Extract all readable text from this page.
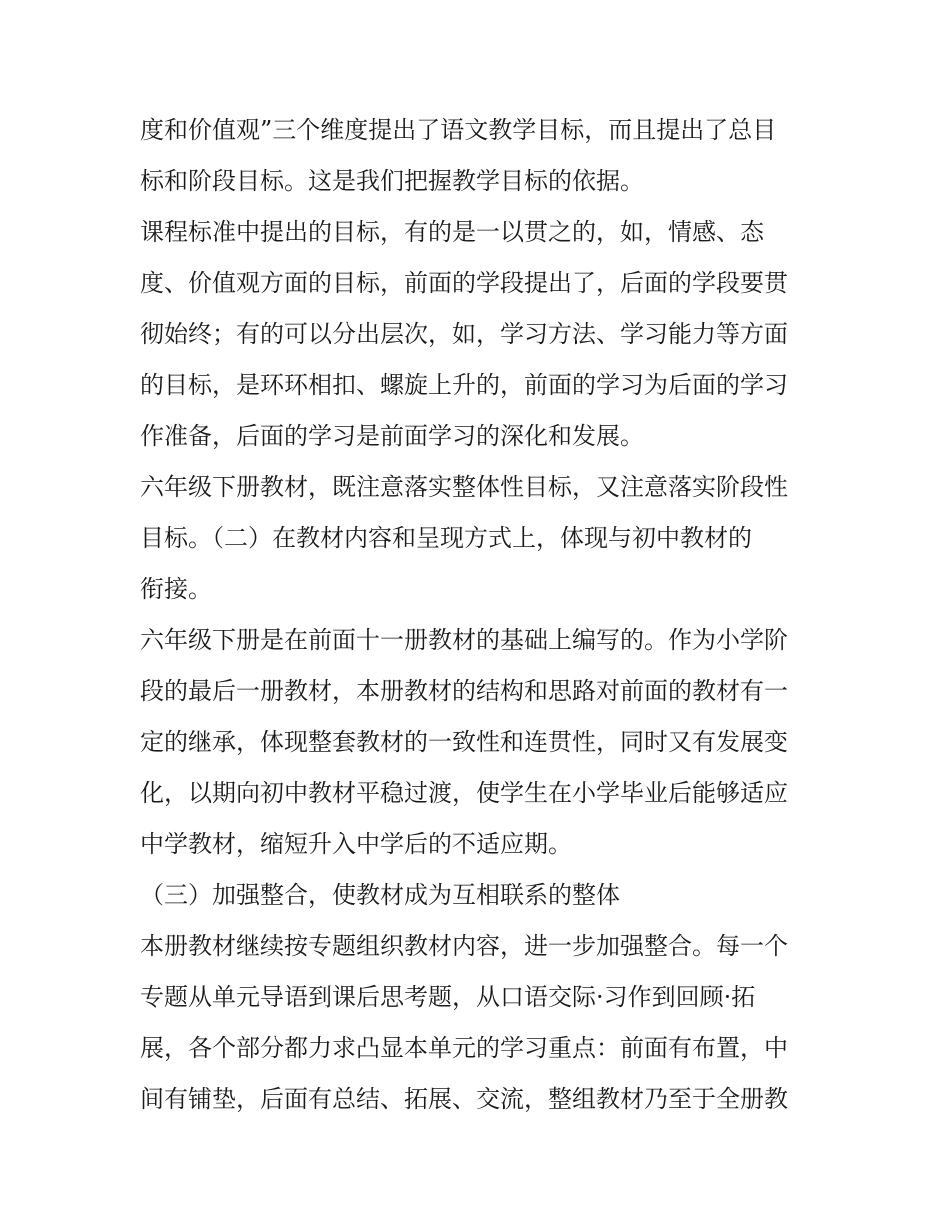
度和价值观”三个维度提出了语文教学目标，而且提出了总目
标和阶段目标。这是我们把握教学目标的依据。
课程标准中提出的目标，有的是一以贯之的，如，情感、态
度、价值观方面的目标，前面的学段提出了，后面的学段要贯
彻始终；有的可以分出层次，如，学习方法、学习能力等方面
的目标，是环环相扣、螺旋上升的，前面的学习为后面的学习
作准备，后面的学习是前面学习的深化和发展。
六年级下册教材，既注意落实整体性目标，又注意落实阶段性
目标。（二）在教材内容和呈现方式上，体现与初中教材的
衔接。
六年级下册是在前面十一册教材的基础上编写的。作为小学阶
段的最后一册教材，本册教材的结构和思路对前面的教材有一
定的继承，体现整套教材的一致性和连贯性，同时又有发展变
化，以期向初中教材平稳过渡，使学生在小学毕业后能够适应
中学教材，缩短升入中学后的不适应期。
（三）加强整合，使教材成为互相联系的整体
本册教材继续按专题组织教材内容，进一步加强整合。每一个
专题从单元导语到课后思考题，从口语交际·习作到回顾·拓
展，各个部分都力求凸显本单元的学习重点：前面有布置，中
间有铺垫，后面有总结、拓展、交流，整组教材乃至于全册教
